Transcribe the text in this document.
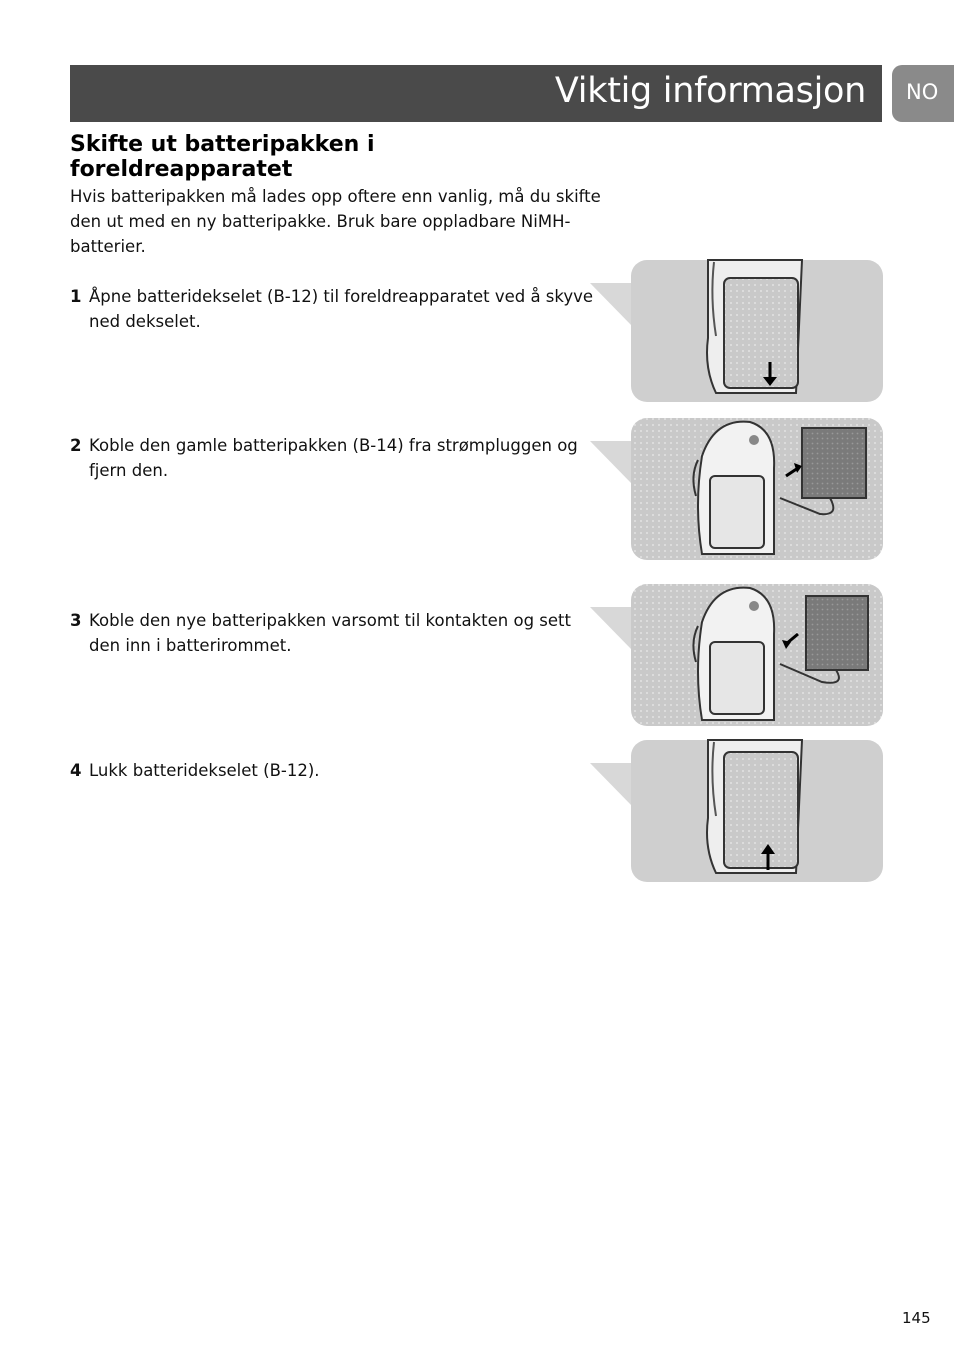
Viktig informasjon NO
Skifte ut batteripakken i foreldreapparatet
Hvis batteripakken må lades opp oftere enn vanlig, må du skifte den ut med en ny batteripakke. Bruk bare oppladbare NiMH-batterier.
1 Åpne batteridekselet (B-12) til foreldreapparatet ved å skyve ned dekselet.
2 Koble den gamle batteripakken (B-14) fra strømpluggen og fjern den.
3 Koble den nye batteripakken varsomt til kontakten og sett den inn i batterirommet.
4 Lukk batteridekselet (B-12).
145
